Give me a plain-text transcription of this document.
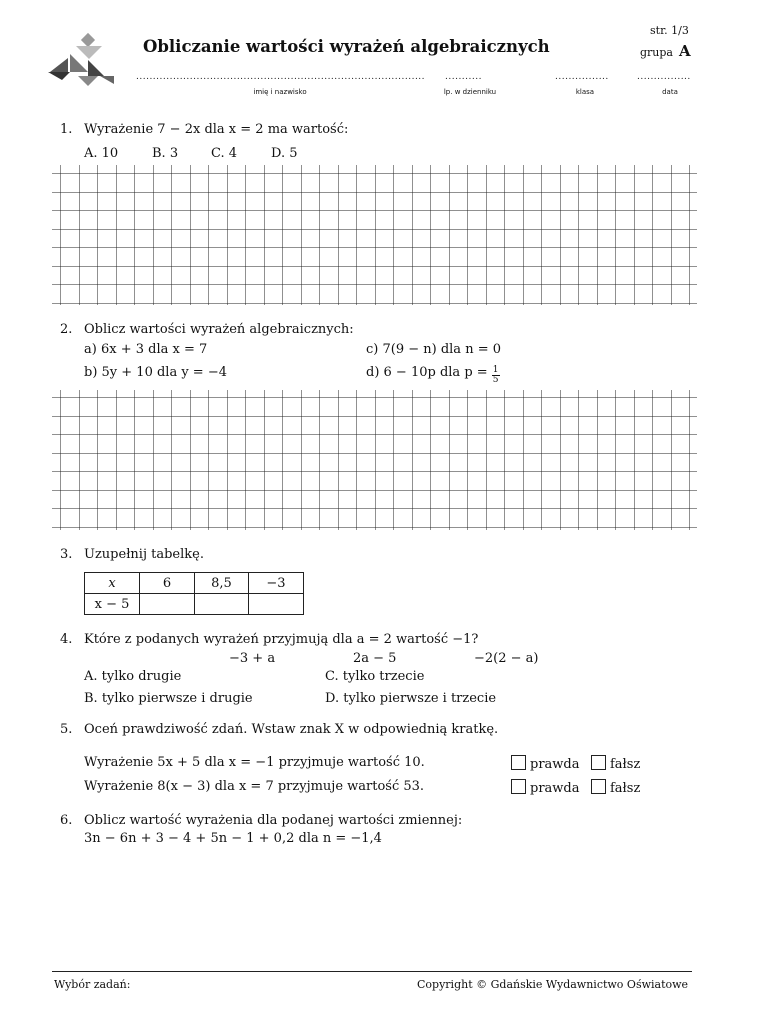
Obliczanie wartości wyrażeń algebraicznych
str. 1/3
grupa A
......................................................................................
imię i nazwisko
...........
lp. w dzienniku
................
klasa
................
data
1. Wyrażenie 7 − 2x dla x = 2 ma wartość:
A. 10	B. 3	C. 4	D. 5
2. Oblicz wartości wyrażeń algebraicznych:
a) 6x + 3 dla x = 7
b) 5y + 10 dla y = −4
c) 7(9 − n) dla n = 0
d) 6 − 10p dla $p = \frac{1}{5}$
3. Uzupełnij tabelkę.
x	6	8,5	−3
x − 5			
4. Które z podanych wyrażeń przyjmują dla a = 2 wartość −1?
−3 + a	2a − 5	−2(2 − a)
A. tylko drugie
B. tylko pierwsze i drugie
C. tylko trzecie
D. tylko pierwsze i trzecie
5. Oceń prawdziwość zdań. Wstaw znak X w odpowiednią kratkę.
Wyrażenie 5x + 5 dla x = −1 przyjmuje wartość 10.
Wyrażenie 8(x − 3) dla x = 7 przyjmuje wartość 53.
prawda	fałsz
prawda	fałsz
6. Oblicz wartość wyrażenia dla podanej wartości zmiennej:
3n − 6n + 3 − 4 + 5n − 1 + 0,2 dla n = −1,4
Wybór zadań:	Copyright © Gdańskie Wydawnictwo Oświatowe
